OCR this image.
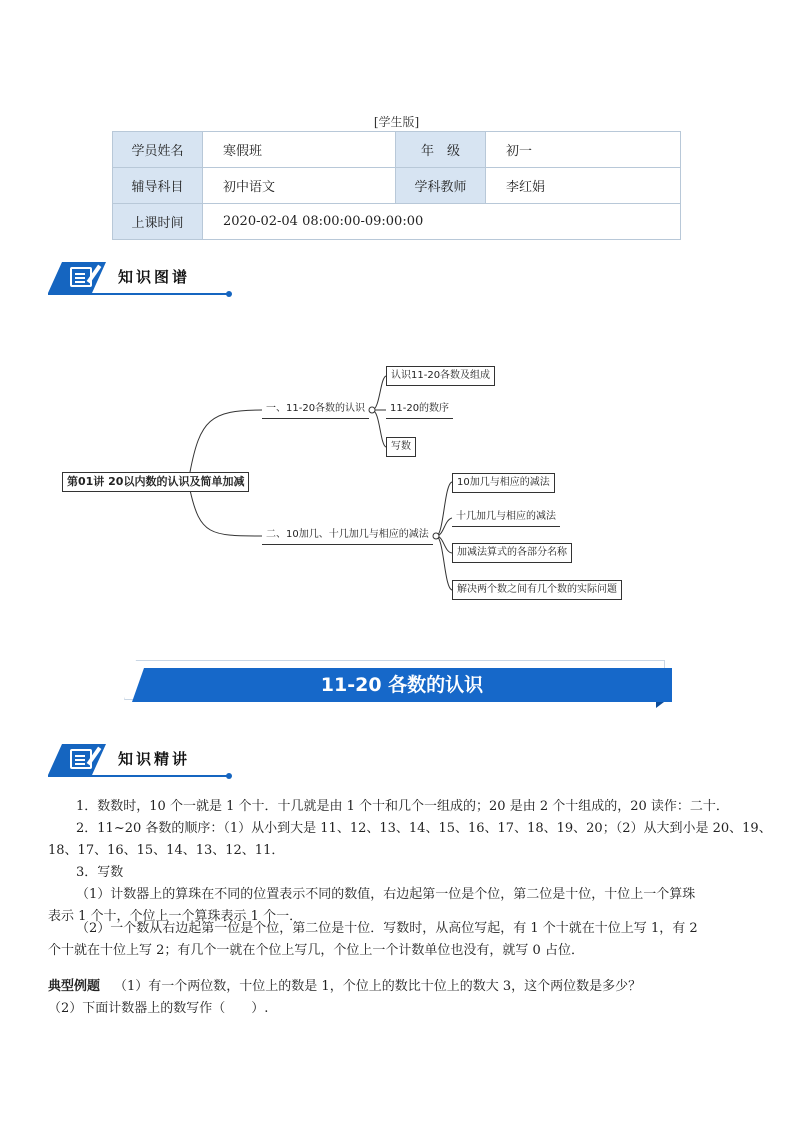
[学生版]
学员姓名	寒假班	年　级	初一
辅导科目	初中语文	学科教师	李红娟
上课时间	2020-02-04 08:00:00-09:00:00		
知识图谱
第01讲 20以内数的认识及简单加减
一、11-20各数的认识
认识11-20各数及组成
11-20的数序
写数
二、10加几、十几加几与相应的减法
10加几与相应的减法
十几加几与相应的减法
加减法算式的各部分名称
解决两个数之间有几个数的实际问题
11-20 各数的认识
知识精讲
1．数数时，10 个一就是 1 个十．十几就是由 1 个十和几个一组成的；20 是由 2 个十组成的，20 读作：二十．
2．11~20 各数的顺序：（1）从小到大是 11、12、13、14、15、16、17、18、19、20；（2）从大到小是 20、19、
18、17、16、15、14、13、12、11．
3．写数
（1）计数器上的算珠在不同的位置表示不同的数值，右边起第一位是个位，第二位是十位，十位上一个算珠
表示 1 个十，个位上一个算珠表示 1 个一．
（2）一个数从右边起第一位是个位，第二位是十位．写数时，从高位写起，有 1 个十就在十位上写 1，有 2
个十就在十位上写 2；有几个一就在个位上写几，个位上一个计数单位也没有，就写 0 占位．
典型例题 （1）有一个两位数，十位上的数是 1，个位上的数比十位上的数大 3，这个两位数是多少？
（2）下面计数器上的数写作（　　）.
